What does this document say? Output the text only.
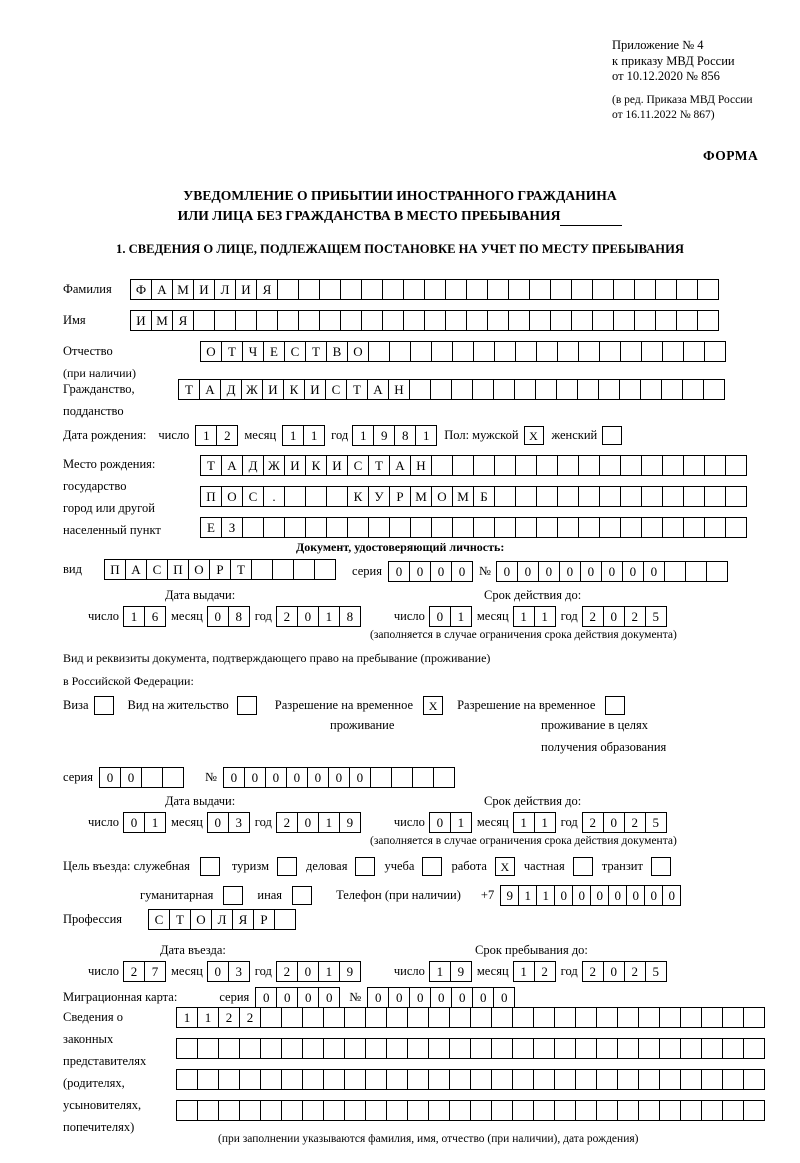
Приложение № 4
к приказу МВД России
от 10.12.2020 № 856
(в ред. Приказа МВД России
от 16.11.2022 № 867)
ФОРМА
УВЕДОМЛЕНИЕ О ПРИБЫТИИ ИНОСТРАННОГО ГРАЖДАНИНА
ИЛИ ЛИЦА БЕЗ ГРАЖДАНСТВА В МЕСТО ПРЕБЫВАНИЯ
1. СВЕДЕНИЯ О ЛИЦЕ, ПОДЛЕЖАЩЕМ ПОСТАНОВКЕ НА УЧЕТ ПО МЕСТУ ПРЕБЫВАНИЯ
Фамилия	Ф А М И Л И Я
Имя	И М Я
Отчество
(при наличии)
О Т Ч Е С Т В О
Гражданство,
подданство
Т А Д Ж И К И С Т А Н
Дата рождения: число	1	2	месяц	1	1	год 1	9	8	1	Пол: мужской X	женский
Место рождения:
государство
город или другой
населенный пункт
Т А Д Ж И К И С Т А Н
П О С	.	К У Р М О М Б
Е	З
Документ, удостоверяющий личность:
вид	П А С П О Р	Т	серия	0	0	0	0	№ 0	0	0	0	0	0	0	0
Дата выдачи:	Срок действия до:
число 1	6	месяц 0	8	год 2	0	1	8	число 0	1	месяц 1	1	год 2	0	2	5
(заполняется в случае ограничения срока действия документа)
Вид и реквизиты документа, подтверждающего право на пребывание (проживание)
в Российской Федерации:
Виза	Вид на жительство	Разрешение на временное	X	Разрешение на временное
проживание	проживание в целях
получения образования
серия	0	0	№	0	0	0	0	0	0	0
Дата выдачи:	Срок действия до:
число 0	1	месяц 0	3	год 2	0	1	9	число 0	1	месяц 1	1	год 2	0	2	5
(заполняется в случае ограничения срока действия документа)
Цель въезда: служебная	туризм	деловая	учеба	работа	X	частная	транзит
гуманитарная	иная	Телефон (при наличии) +7 9 1 1 0 0 0 0 0 0 0
Профессия	С Т О Л Я	Р
Дата въезда:	Срок пребывания до:
число 2	7	месяц 0	3	год 2	0	1	9	число 1	9	месяц 1	2	год 2	0	2	5
Миграционная карта:	серия	0	0	0	0	№	0	0	0	0	0	0	0
Сведения о
законных
представителях
(родителях,
усыновителях,
попечителях)
1	1	2	2
(при заполнении указываются фамилия, имя, отчество (при наличии), дата рождения)
